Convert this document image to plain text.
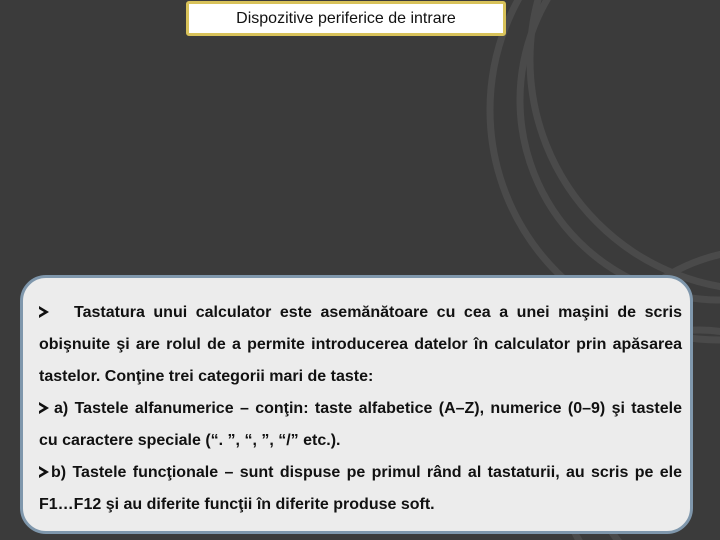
Dispozitive periferice de intrare

Tastatura unui calculator este asemănătoare cu cea a unei maşini de scris obişnuite şi are rolul de a permite introducerea datelor în calculator prin apăsarea tastelor. Conţine trei categorii mari de taste:

a) Tastele alfanumerice – conţin: taste alfabetice (A–Z), numerice (0–9) şi tastele cu caractere speciale (“. ”, “, ”, “/” etc.).

b) Tastele funcţionale – sunt dispuse pe primul rând al tastaturii, au scris pe ele F1…F12 şi au diferite funcţii în diferite produse soft.
